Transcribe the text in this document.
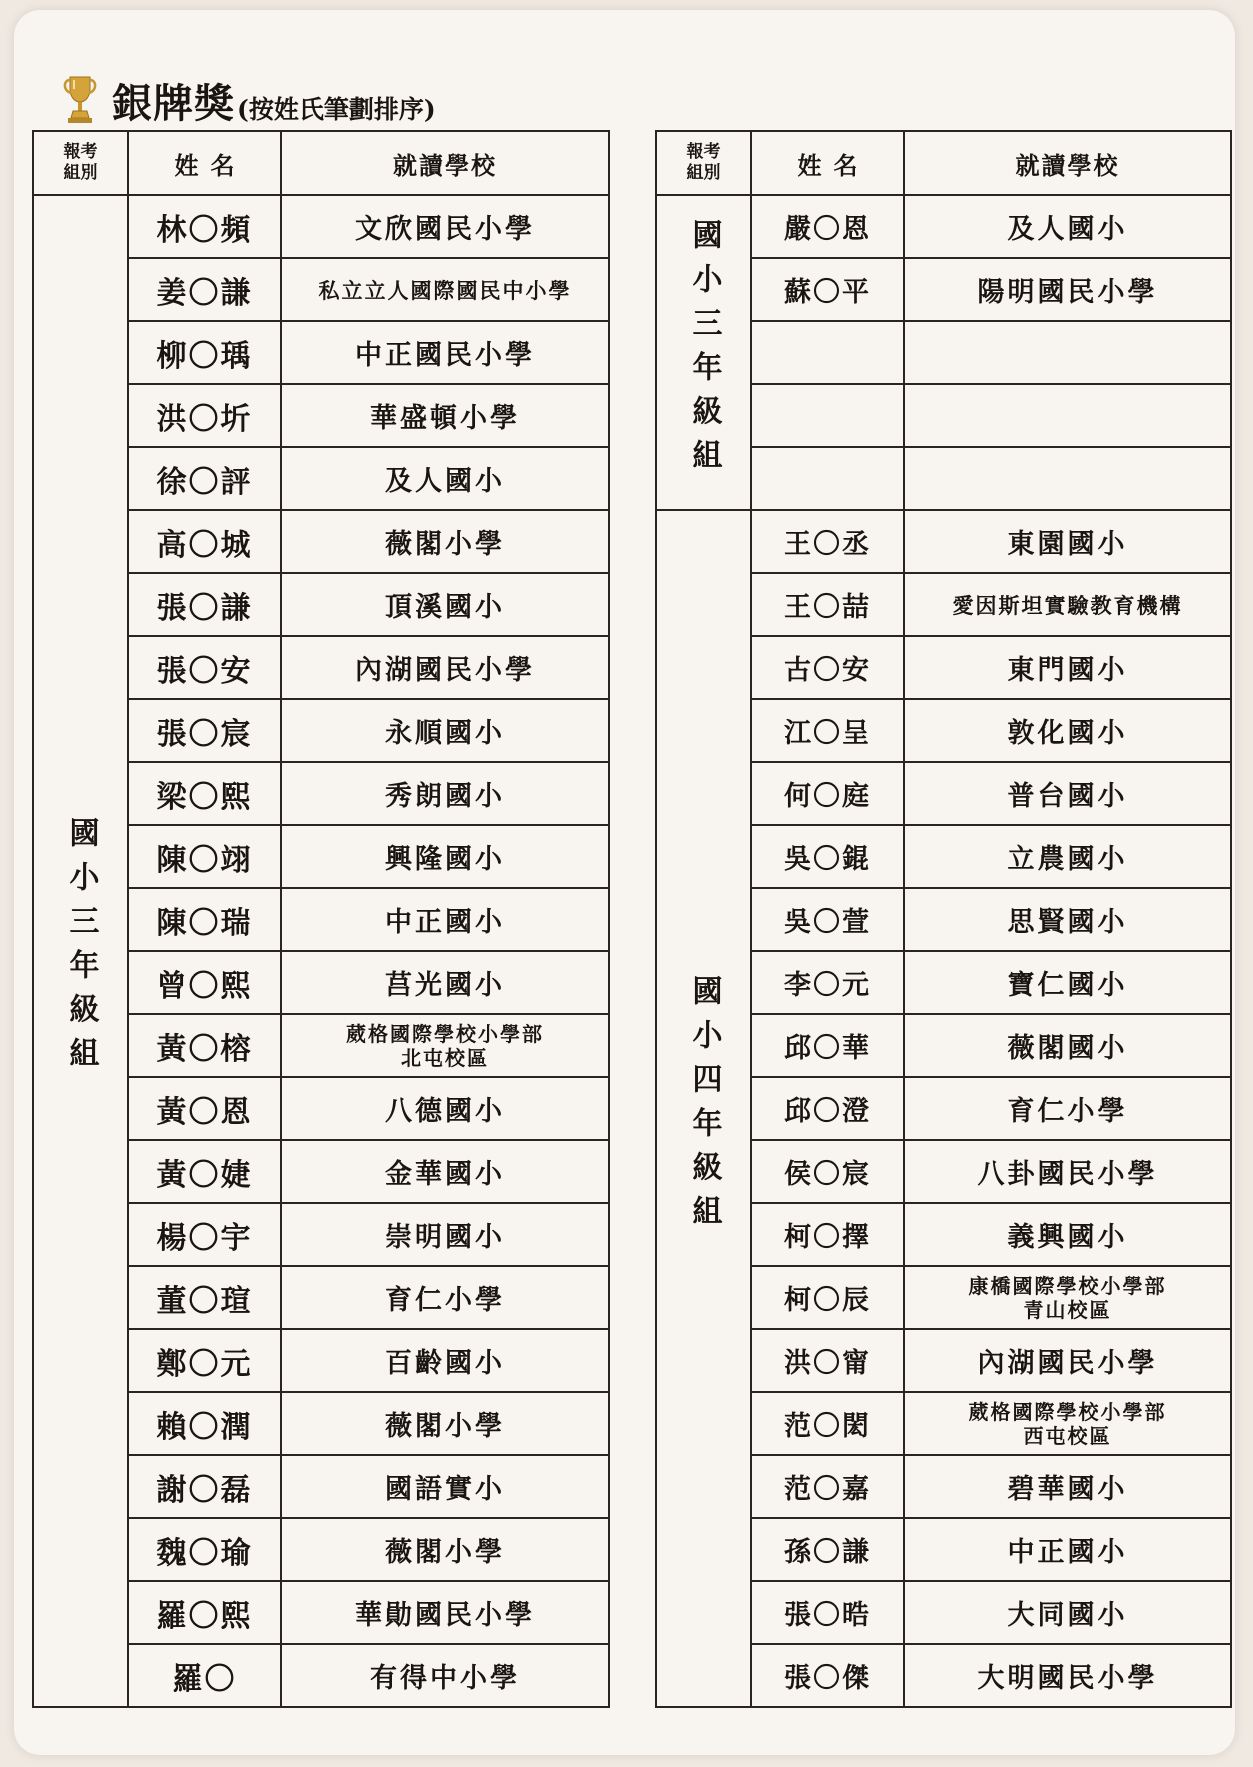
銀牌獎 (按姓氏筆劃排序)
報考
組別	姓名	就讀學校
國小三年級組	林〇頻	文欣國民小學
	姜〇謙	私立立人國際國民中小學
	柳〇瑀	中正國民小學
	洪〇圻	華盛頓小學
	徐〇評	及人國小
	高〇城	薇閣小學
	張〇謙	頂溪國小
	張〇安	內湖國民小學
	張〇宸	永順國小
	梁〇熙	秀朗國小
	陳〇翊	興隆國小
	陳〇瑞	中正國小
	曾〇熙	莒光國小
	黃〇榕	葳格國際學校小學部
北屯校區

	黃〇恩	八德國小
	黃〇婕	金華國小
	楊〇宇	崇明國小
	董〇瑄	育仁小學
	鄭〇元	百齡國小
	賴〇潤	薇閣小學
	謝〇磊	國語實小
	魏〇瑜	薇閣小學
	羅〇熙	華勛國民小學
	羅〇	有得中小學
報考
組別	姓名	就讀學校
國小三年級組	嚴〇恩	及人國小
	蘇〇平	陽明國民小學

國小四年級組	王〇丞	東園國小
	王〇喆	愛因斯坦實驗教育機構
	古〇安	東門國小
	江〇呈	敦化國小
	何〇庭	普台國小
	吳〇錕	立農國小
	吳〇萱	思賢國小
	李〇元	寶仁國小
	邱〇華	薇閣國小
	邱〇澄	育仁小學
	侯〇宸	八卦國民小學
	柯〇擇	義興國小
	柯〇辰	康橋國際學校小學部
青山校區

	洪〇甯	內湖國民小學
	范〇閎	葳格國際學校小學部
西屯校區

	范〇嘉	碧華國小
	孫〇謙	中正國小
	張〇晧	大同國小
	張〇傑	大明國民小學
